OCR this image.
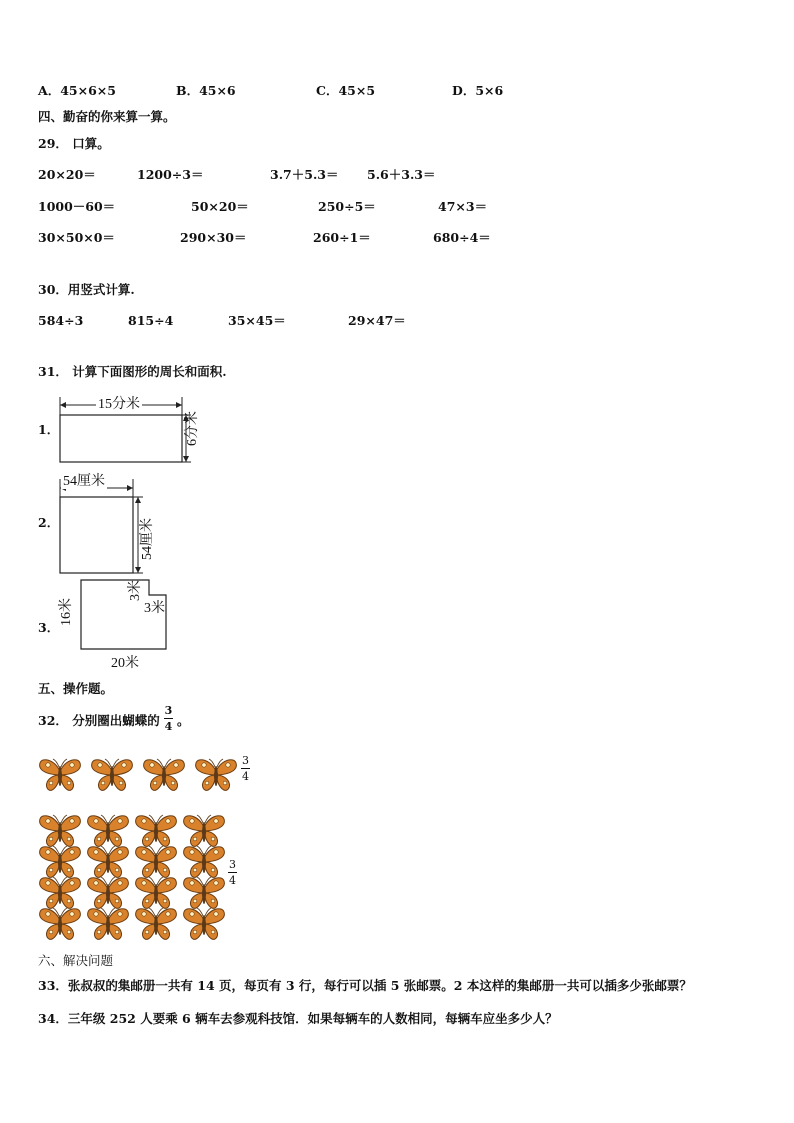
A．45×6×5	B．45×6	C．45×5	D．5×6
四、勤奋的你来算一算。
29． 口算。
20×20＝	1200÷3＝	3.7＋5.3＝ 5.6＋3.3＝
1000－60＝	50×20＝	250÷5＝	47×3＝
30×50×0＝	290×30＝	260÷1＝	680÷4＝
30．用竖式计算.
584÷3	815÷4	35×45＝	29×47＝
31． 计算下面图形的周长和面积.
1．
15分米
6分米
2．
54厘米
54厘米
3．
16米
3米
3米
20米
五、操作题。
32． 分别圈出蝴蝶的
3
4 。
3
4
3
4
六、解决问题
33．张叔叔的集邮册一共有 14 页，每页有 3 行，每行可以插 5 张邮票。2 本这样的集邮册一共可以插多少张邮票？
34．三年级 252 人要乘 6 辆车去参观科技馆．如果每辆车的人数相同，每辆车应坐多少人？
